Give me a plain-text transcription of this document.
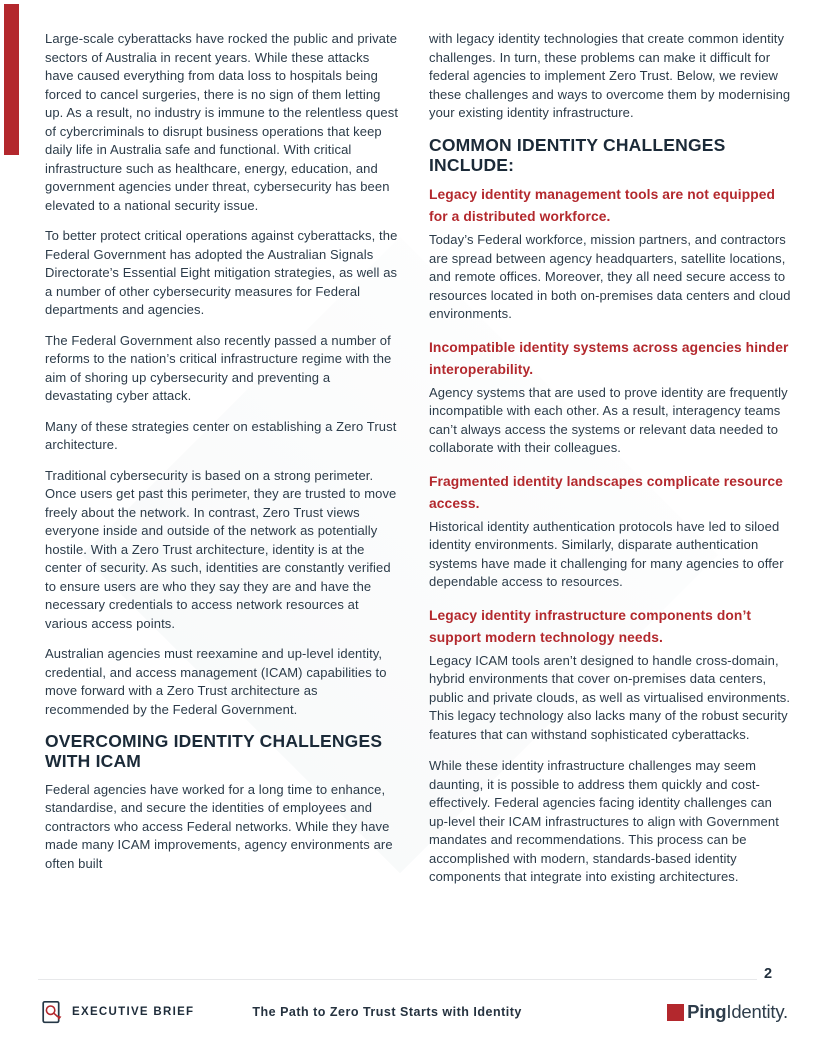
Large-scale cyberattacks have rocked the public and private sectors of Australia in recent years. While these attacks have caused everything from data loss to hospitals being forced to cancel surgeries, there is no sign of them letting up. As a result, no industry is immune to the relentless quest of cybercriminals to disrupt business operations that keep daily life in Australia safe and functional. With critical infrastructure such as healthcare, energy, education, and government agencies under threat, cybersecurity has been elevated to a national security issue.

To better protect critical operations against cyberattacks, the Federal Government has adopted the Australian Signals Directorate’s Essential Eight mitigation strategies, as well as a number of other cybersecurity measures for Federal departments and agencies.

The Federal Government also recently passed a number of reforms to the nation’s critical infrastructure regime with the aim of shoring up cybersecurity and preventing a devastating cyber attack.

Many of these strategies center on establishing a Zero Trust architecture.

Traditional cybersecurity is based on a strong perimeter. Once users get past this perimeter, they are trusted to move freely about the network. In contrast, Zero Trust views everyone inside and outside of the network as potentially hostile. With a Zero Trust architecture, identity is at the center of security. As such, identities are constantly verified to ensure users are who they say they are and have the necessary credentials to access network resources at various access points.

Australian agencies must reexamine and up-level identity, credential, and access management (ICAM) capabilities to move forward with a Zero Trust architecture as recommended by the Federal Government.

OVERCOMING IDENTITY CHALLENGES WITH ICAM

Federal agencies have worked for a long time to enhance, standardise, and secure the identities of employees and contractors who access Federal networks. While they have made many ICAM improvements, agency environments are often built

with legacy identity technologies that create common identity challenges. In turn, these problems can make it difficult for federal agencies to implement Zero Trust. Below, we review these challenges and ways to overcome them by modernising your existing identity infrastructure.

COMMON IDENTITY CHALLENGES INCLUDE:
Legacy identity management tools are not equipped for a distributed workforce.

Today’s Federal workforce, mission partners, and contractors are spread between agency headquarters, satellite locations, and remote offices. Moreover, they all need secure access to resources located in both on-premises data centers and cloud environments.

Incompatible identity systems across agencies hinder interoperability.

Agency systems that are used to prove identity are frequently incompatible with each other. As a result, interagency teams can’t always access the systems or relevant data needed to collaborate with their colleagues.

Fragmented identity landscapes complicate resource access.

Historical identity authentication protocols have led to siloed identity environments. Similarly, disparate authentication systems have made it challenging for many agencies to offer dependable access to resources.

Legacy identity infrastructure components don’t support modern technology needs.

Legacy ICAM tools aren’t designed to handle cross-domain, hybrid environments that cover on-premises data centers, public and private clouds, as well as virtualised environments. This legacy technology also lacks many of the robust security features that can withstand sophisticated cyberattacks.

While these identity infrastructure challenges may seem daunting, it is possible to address them quickly and cost-effectively. Federal agencies facing identity challenges can up-level their ICAM infrastructures to align with Government mandates and recommendations. This process can be accomplished with modern, standards-based identity components that integrate into existing architectures.

2
EXECUTIVE BRIEF	The Path to Zero Trust Starts with Identity	Ping Identity.
